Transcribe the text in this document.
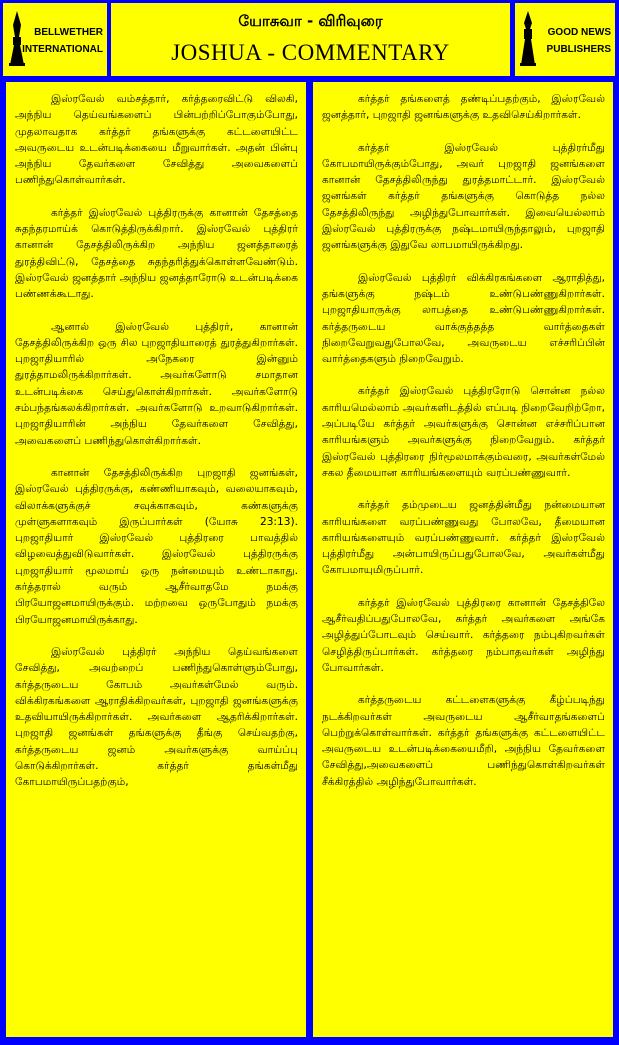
BELLWETHER
INTERNATIONAL
யோசுவா - விரிவுரை
JOSHUA - COMMENTARY
GOOD NEWS
PUBLISHERS

இஸ்ரவேல் வம்சத்தார், கர்த்தரைவிட்டு விலகி, அந்நிய தெய்வங்களைப் பின்பற்றிப்போகும்போது, முதலாவதாக கர்த்தர் தங்களுக்கு கட்டளையிட்ட அவருடைய உடன்படிக்கையை மீறுவார்கள். அதன் பின்பு அந்நிய தேவர்களை சேவித்து அவைகளைப் பணிந்துகொள்வார்கள்.

கர்த்தர் இஸ்ரவேல் புத்திரருக்கு கானான் தேசத்தை சுதந்தரமாய்க் கொடுத்திருக்கிறார். இஸ்ரவேல் புத்திரர் கானான் தேசத்திலிருக்கிற அந்நிய ஜனத்தாரைத் துரத்திவிட்டு, தேசத்தை சுதந்தரித்துக்கொள்ளவேண்டும். இஸ்ரவேல் ஜனத்தார் அந்நிய ஜனத்தாரோடு உடன்படிக்கை பண்ணக்கூடாது.

ஆனால் இஸ்ரவேல் புத்திரர், கானான் தேசத்திலிருக்கிற ஒரு சில புறஜாதியாரைத் துரத்துகிறார்கள். புறஜாதியாரில் அநேகரை இன்னும் துரத்தாமலிருக்கிறார்கள். அவர்களோடு சமாதான உடன்படிக்கை செய்துகொள்கிறார்கள். அவர்களோடு சம்பந்தங்கலக்கிறார்கள். அவர்களோடு உறவாடுகிறார்கள். புறஜாதியாரின் அந்நிய தேவர்களை சேவித்து, அவைகளைப் பணிந்துகொள்கிறார்கள்.

கானான் தேசத்திலிருக்கிற புறஜாதி ஜனங்கள், இஸ்ரவேல் புத்திரருக்கு, கண்ணியாகவும், வலையாகவும், விலாக்களுக்குச் சவுக்காகவும், கண்களுக்கு முள்ளுகளாகவும் இருப்பார்கள் (யோசு 23:13). புறஜாதியார் இஸ்ரவேல் புத்திரரை பாவத்தில் விழவைத்துவிடுவார்கள். இஸ்ரவேல் புத்திரருக்கு புறஜாதியார் மூலமாய் ஒரு நன்மையும் உண்டாகாது. கர்த்தரால் வரும் ஆசீர்வாதமே நமக்கு பிரயோஜனமாயிருக்கும். மற்றவை ஒருபோதும் நமக்கு பிரயோஜனமாயிருக்காது.

இஸ்ரவேல் புத்திரர் அந்நிய தெய்வங்களை சேவித்து, அவற்றைப் பணிந்துகொள்ளும்போது, கர்த்தருடைய கோபம் அவர்கள்மேல் வரும். விக்கிரகங்களை ஆராதிக்கிறவர்கள், புறஜாதி ஜனங்களுக்கு உதவியாயிருக்கிறார்கள். அவர்களை ஆதரிக்கிறார்கள். புறஜாதி ஜனங்கள் தங்களுக்கு தீங்கு செய்வதற்கு, கர்த்தருடைய ஜனம் அவர்களுக்கு வாய்ப்பு கொடுக்கிறார்கள். கர்த்தர் தங்கள்மீது கோபமாயிருப்பதற்கும்,

கர்த்தர் தங்களைத் தண்டிப்பதற்கும், இஸ்ரவேல் ஜனத்தார், புறஜாதி ஜனங்களுக்கு உதவிசெய்கிறார்கள்.

கர்த்தர் இஸ்ரவேல் புத்திரர்மீது கோபமாயிருக்கும்போது, அவர் புறஜாதி ஜனங்களை கானான் தேசத்திலிருந்து துரத்தமாட்டார். இஸ்ரவேல் ஜனங்கள் கர்த்தர் தங்களுக்கு கொடுத்த நல்ல தேசத்திலிருந்து அழிந்துபோவார்கள். இவையெல்லாம் இஸ்ரவேல் புத்திரருக்கு நஷ்டமாயிருந்தாலும், புறஜாதி ஜனங்களுக்கு இதுவே லாபமாயிருக்கிறது.

இஸ்ரவேல் புத்திரர் விக்கிரகங்களை ஆராதித்து, தங்களுக்கு நஷ்டம் உண்டுபண்ணுகிறார்கள். புறஜாதியாருக்கு லாபத்தை உண்டுபண்ணுகிறார்கள். கர்த்தருடைய வாக்குத்தத்த வார்த்தைகள் நிறைவேறுவதுபோலவே, அவருடைய எச்சரிப்பின் வார்த்தைகளும் நிறைவேறும்.

கர்த்தர் இஸ்ரவேல் புத்திரரோடு சொன்ன நல்ல காரியமெல்லாம் அவர்களிடத்தில் எப்படி நிறைவேறிற்றோ, அப்படியே கர்த்தர் அவர்களுக்கு சொன்ன எச்சரிப்பான காரியங்களும் அவர்களுக்கு நிறைவேறும். கர்த்தர் இஸ்ரவேல் புத்திரரை நிர்மூலமாக்கும்வரை, அவர்கள்மேல் சகல தீமையான காரியங்களையும் வரப்பண்ணுவார்.

கர்த்தர் தம்முடைய ஜனத்தின்மீது நன்மையான காரியங்களை வரப்பண்ணுவது போலவே, தீமையான காரியங்களையும் வரப்பண்ணுவார். கர்த்தர் இஸ்ரவேல் புத்திரர்மீது அன்பாயிருப்பதுபோலவே, அவர்கள்மீது கோபமாயுமிருப்பார்.

கர்த்தர் இஸ்ரவேல் புத்திரரை கானான் தேசத்திலே ஆசீர்வதிப்பதுபோலவே, கர்த்தர் அவர்களை அங்கே அழித்துப்போடவும் செய்வார். கர்த்தரை நம்புகிறவர்கள் செழித்திருப்பார்கள். கர்த்தரை நம்பாதவர்கள் அழிந்து போவார்கள்.

கர்த்தருடைய கட்டளைகளுக்கு கீழ்ப்படிந்து நடக்கிறவர்கள் அவருடைய ஆசீர்வாதங்களைப் பெற்றுக்கொள்வார்கள். கர்த்தர் தங்களுக்கு கட்டளையிட்ட அவருடைய உடன்படிக்கையைமீறி, அந்நிய தேவர்களை சேவித்து,அவைகளைப் பணிந்துகொள்கிறவர்கள் சீக்கிரத்தில் அழிந்துபோவார்கள்.
